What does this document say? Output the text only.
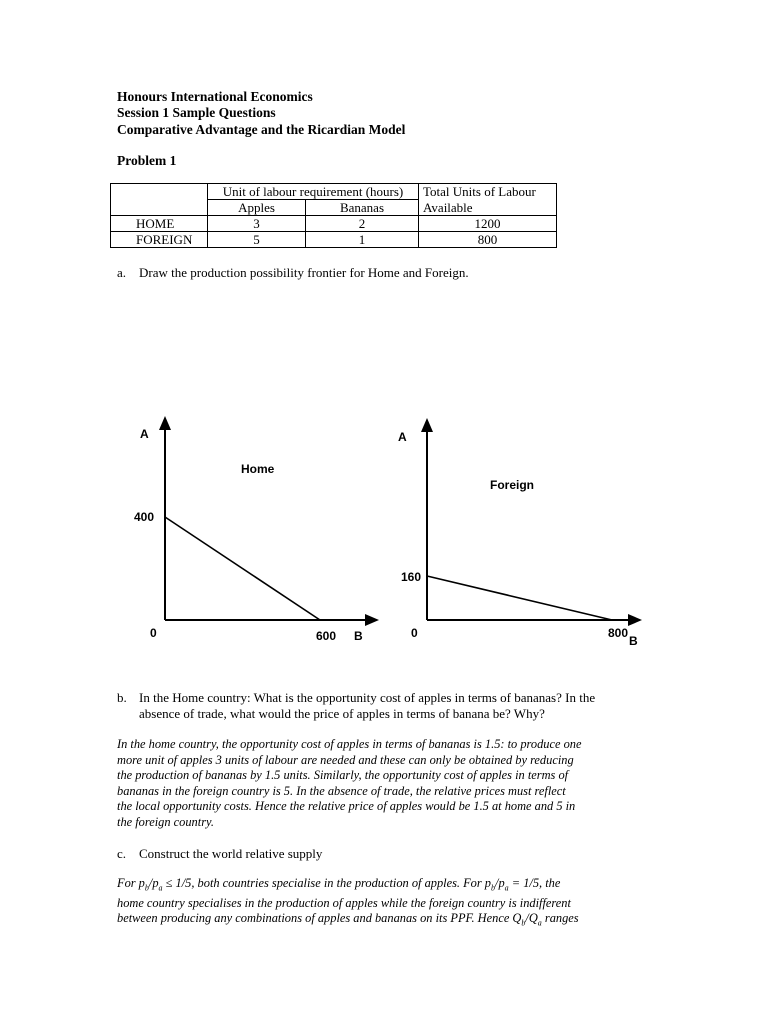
Honours International Economics
Session 1 Sample Questions
Comparative Advantage and the Ricardian Model
Problem 1
	Unit of labour requirement (hours)		Total Units of Labour
	Apples	Bananas	Available
HOME	3	2	1200
FOREIGN	5	1	800
a. Draw the production possibility frontier for Home and Foreign.
A
Home
400
0	600 B
A
Foreign
160
0	800
B
b. In the Home country: What is the opportunity cost of apples in terms of bananas? In the
absence of trade, what would the price of apples in terms of banana be? Why?

In the home country, the opportunity cost of apples in terms of bananas is 1.5: to produce one

more unit of apples 3 units of labour are needed and these can only be obtained by reducing

the production of bananas by 1.5 units. Similarly, the opportunity cost of apples in terms of

bananas in the foreign country is 5. In the absence of trade, the relative prices must reflect

the local opportunity costs. Hence the relative price of apples would be 1.5 at home and 5 in

the foreign country.

c. Construct the world relative supply

For $p_b/p_a \le 1/5$, both countries specialise in the production of apples. For $p_b/p_a = 1/5$, the

home country specialises in the production of apples while the foreign country is indifferent

between producing any combinations of apples and bananas on its PPF. Hence $Q_b/Q_a$ ranges
